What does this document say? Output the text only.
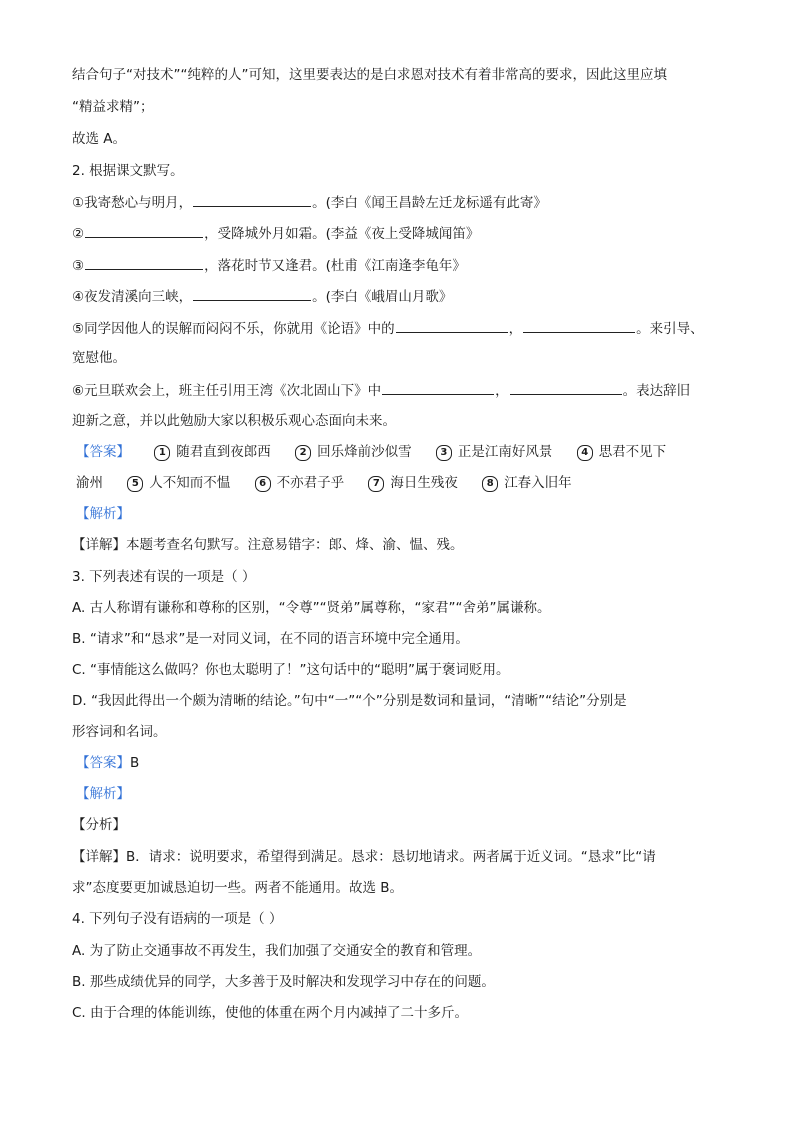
结合句子“对技术”“纯粹的人”可知，这里要表达的是白求恩对技术有着非常高的要求，因此这里应填
“精益求精”；
故选 A。
2. 根据课文默写。
①我寄愁心与明月，	。(李白《闻王昌龄左迁龙标遥有此寄》
②	，受降城外月如霜。(李益《夜上受降城闻笛》
③	，落花时节又逢君。(杜甫《江南逢李龟年》
④夜发清溪向三峡，	。(李白《峨眉山月歌》
⑤同学因他人的误解而闷闷不乐，你就用《论语》中的	，	。来引导、
宽慰他。
⑥元旦联欢会上，班主任引用王湾《次北固山下》中	，	。表达辞旧
迎新之意，并以此勉励大家以积极乐观心态面向未来。
【答案】	1 随君直到夜郎西	2 回乐烽前沙似雪	3 正是江南好风景	4 思君不见下
渝州	5 人不知而不愠	6 不亦君子乎	7 海日生残夜	8 江春入旧年
【解析】
【详解】本题考查名句默写。注意易错字：郎、烽、渝、愠、残。
3. 下列表述有误的一项是（ ）
A. 古人称谓有谦称和尊称的区别，“令尊”“贤弟”属尊称，“家君”“舍弟”属谦称。
B. “请求”和“恳求”是一对同义词，在不同的语言环境中完全通用。
C. “事情能这么做吗？你也太聪明了！”这句话中的“聪明”属于褒词贬用。
D. “我因此得出一个颇为清晰的结论。”句中“一”“个”分别是数词和量词，“清晰”“结论”分别是
形容词和名词。
【答案】B
【解析】
【分析】
【详解】B．请求：说明要求，希望得到满足。恳求：恳切地请求。两者属于近义词。“恳求”比“请
求”态度要更加诚恳迫切一些。两者不能通用。故选 B。
4. 下列句子没有语病的一项是（ ）
A. 为了防止交通事故不再发生，我们加强了交通安全的教育和管理。
B. 那些成绩优异的同学，大多善于及时解决和发现学习中存在的问题。
C. 由于合理的体能训练，使他的体重在两个月内减掉了二十多斤。
